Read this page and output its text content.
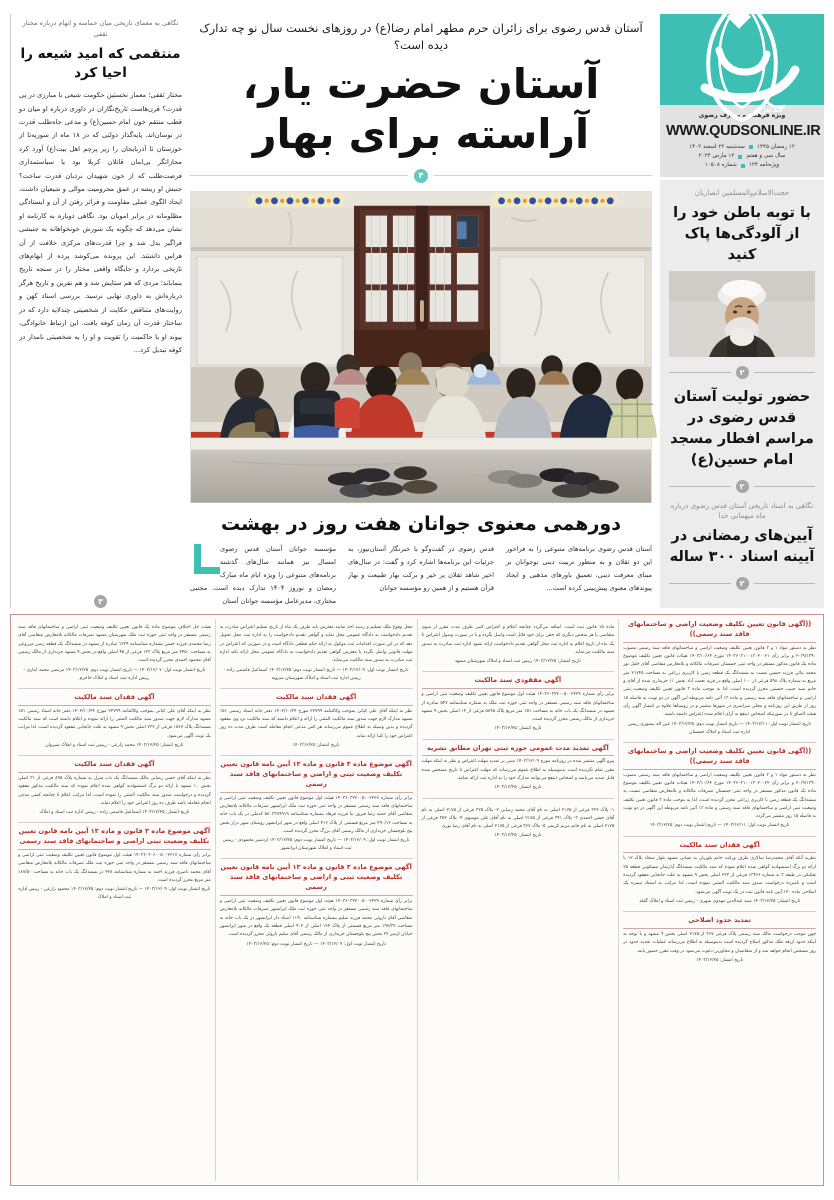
قدس
ویژه فرهنگ و معارف رضوی
WWW.QUDSONLINE.IR
۱۲ رمضان ۱۴۴۵
سه‌شنبه ۲۲ اسفند ۱۴۰۲
سال سی و هفتم
۱۲ مارس ۲۰۲۴
ویژه‌نامه ۱۲۴
شماره ۱۰۵۰۸
حجت‌الاسلام‌والمسلمین انصاریان
با توبه باطن خود را از آلودگی‌ها پاک کنید
۲
حضور تولیت آستان قدس رضوی در مراسم افطار مسجد امام حسین(ع)
۲
نگاهی به اسناد تاریخی آستان قدس رضوی درباره ماه میهمانی خدا
آیین‌های رمضانی در آیینه اسناد ۳۰۰ ساله
۲
آستان قدس رضوی برای زائران حرم مطهر امام رضا(ع) در روزهای نخست سال نو چه تدارک دیده است؟
آستان حضرت یار، آراسته برای بهار
۴
دورهمی معنوی جوانان هفت روز در بهشت
آستان قدس رضوی برنامه‌های متنوعی را به فراخور این دو ثقلان و به منظور تربیت دینی نوجوانان بر مبنای معرفت دینی، تعمیق باورهای مذهبی و ایجاد پیوندهای معنوی پیش‌بینی کرده است...
قدس رضوی در گفت‌وگو با خبرنگار آستان‌نیوز، به جزئیات این برنامه‌ها اشاره کرد و گفت: در سال‌های اخیر شاهد ثقلان پر خیر و برکت بهار طبیعت و بهار قرآن هستیم و از همین رو مؤسسه جوانان
مؤسسه جوانان آستان قدس رضوی امسال نیز همانند سال‌های گذشته برنامه‌های متنوعی را ویژه ایام ماه مبارک رمضان و نوروز ۱۴۰۴ تدارک دیده است. مجتبی مختاری، مدیرعامل مؤسسه جوانان آستان
نگاهی به معمای تاریخی میان حماسه و اتهام درباره مختار ثقفی
منتقمی که امید شیعه را احیا کرد
مختار ثقفی؛ معمار نخستین حکومت شیعی با مبارزی در پی قدرت؟ قرن‌هاست تاریخ‌نگاران در داوری درباره او میان دو قطب منتقم خون امام حسین(ع) و مدعی جاه‌طلب قدرت در نوسان‌اند. پایه‌گذار دولتی که در ۱۸ ماه از سوریه‌تا از خوزستان تا آذربایجان را زیر پرچم اهل بیت(ع) آورد کرد مجازاتگر بی‌امان قاتلان کربلا بود یا سیاستمداری فرصت‌طلب که از خون شهیدان نردبان قدرت ساخت؟ جنبش او ریشه در عمق محرومیت موالی و شیعیان داشت، ایجاد الگوی عملی مقاومت و فراتر رفتن از آن و ایستادگی مظلومانه در برابر امویان بود. نگاهی دوباره به کارنامه او نشان می‌دهد که چگونه یک شورش خونخواهانه به جنبشی فراگیر بدل شد و چرا قدرت‌های مرکزی خلافت از آن هراس داشتند. این پرونده می‌کوشد پرده از ابهام‌های تاریخی بردارد و جایگاه واقعی مختار را در سنجه تاریخ بنمایاند؛ مردی که هم ستایش شد و هم نفرین و تاریخ هرگز درباره‌اش به داوری نهایی نرسید. بررسی اسناد کهن و روایت‌های متناقض حکایت از شخصیتی چندلایه دارد که در ساختار قدرت آن زمان کوفه یافت. این ارتباط خانوادگی، پیوند او با حاکمیت را تقویت و او را به شخصیتی نامدار در کوفه تبدیل کرد...
۳
((آگهی قانون تعیین تکلیف وضعیت اراضی و ساختمانهای فاقد سند رسمی))
نظر به دستور مواد ۱ و ۳ قانون تعیین تکلیف وضعیت اراضی و ساختمانهای فاقد سند رسمی مصوب ۲۰/۹/۱۳۹۰ و برابر رأی ۱۴۰۳۶۰۳۱۰۰۱۳۰۲۰۰۲۱ مورخ ۱۴۰۳/۱۰/۶۴ هیئات قانون تعیین تکلیف موضوع ماده یک قانون مذکور مستقر در واحد ثبتی جمستان تصرفات مالکانه و بلامعارض متقاضی آقای خلیل نور محمد بنائی فرزند حسین نسبت به ششدانگ یک قطعه زمین با کاربری زراعی به مساحت ۲۱۷۴۵ متر مربع به شماره پلاک ۵۹۸ قرعی از ۱۰۰ اصلی واقع در قریه نعمت آباد بخش ۱۱ خریداری شده از آقای و خانم سید حبیب حسینی محرز گردیده است، لذا به موجب ماده ۳ قانون تعیین تکلیف وضعیت ثبتی اراضی و ساختمانهای فاقد سند رسمی و ماده ۱۳ آئین نامه مربوطه این آگهی در دو نوبت به فاصله ۱۵ روز از طریق این روزنامه و محلی سراسری در شهرها منتشر و در روستاها علاوه بر انتشار آگهی رأی هیئت الصاق تا در صورتیکه اشخاص ذینفع به آرای اعلام شده اعتراض داشته باشند.
تاریخ انتشار نوبت اول: ۱۴۰۳/۱۲/۱۱ — تاریخ انتشار نوبت دوم: ۱۴۰۳/۱۲/۲۵ عین اله نیشوری رییس اداره ثبت اسناد و املاک جمستان
((آگهی قانون تعیین تکلیف وضعیت اراضی و ساختمانهای فاقد سند رسمی))
نظر به دستور مواد ۱ و ۳ قانون تعیین تکلیف وضعیت اراضی و ساختمانهای فاقد سند رسمی مصوب ۲۰/۹/۱۳۹۰ و برابر رأی ۱۴۰۳۶۰۳۱۰۰۱۳۰۲۰۰۲۲ مورخ ۱۴۰۳/۱۰/۶۴ هیئات قانون تعیین تکلیف موضوع ماده یک قانون مذکور مستقر در واحد ثبتی جمستان تصرفات مالکانه و بلامعارض متقاضی نسبت به ششدانگ یک قطعه زمین با کاربری زراعی محرز گردیده است، لذا به موجب ماده ۳ قانون تعیین تکلیف وضعیت ثبتی اراضی و ساختمانهای فاقد سند رسمی و ماده ۱۳ آئین نامه مربوطه این آگهی در دو نوبت به فاصله ۱۵ روز منتشر می‌گردد.
تاریخ انتشار نوبت اول: ۱۴۰۳/۱۲/۱۱ — تاریخ انتشار نوبت دوم: ۱۴۰۳/۱۲/۲۵
آگهی فقدان سند مالکیت
نظریه آنکه آقای محمدرضا سالاری طرف وراثت خانم بلوریان به نشانی مشهد بلوار سجاد پلاک ۱۲ با ارائه دو برگ استشهادیه گواهی شده اعلام نموده که سند مالکیت ششدانگ آپارتمان مسکونی قطعه ۲۵ تفکیکی در طبقه ۳ به شماره ۱۳۴۶۶ فرعی از ۲۳۲ اصلی بخش ۹ مشهد به علت جابجایی مفقود گردیده است و نامبرده درخواست صدور سند مالکیت المثنی نموده است، لذا مراتب به استناد تبصره یک اصلاحی ماده ۱۲۰ آیین نامه قانون ثبت در یک نوبت آگهی می‌شود.
تاریخ انتشار: ۱۴۰۳/۱۲/۲۵ سید عبدالدین مهدوی شهری - رییس ثبت اسناد و املاک گلبلد
تمدید حدود اصلاحی
چون موجب درخواست مالک سند رسمی پلاک فرعی ۳۶۷ از ۲۱۷۵ اصلی بخش ۹ مشهد و با توجه به اینکه حدود اربعه ملک مذکور اصلاح گردیده است بدینوسیله به اطلاع می‌رساند عملیات تحدید حدود در روز مشخص انجام خواهد شد و از متقاضیان و مجاورین دعوت می‌شود در وقت مقرر حضور یابند.
تاریخ انتشار: ۱۴۰۳/۱۲/۲۵
ماده ۱۵ قانون ثبت است. اضافه می‌گردد چنانچه اعلام و اعتراض کتبی ظرف مدت مقرر از سوی متقاضی یا هر شخص دیگری که حقی برای خود قائل است واصل نگردد و یا در صورت وصول اعتراض تا یک ماه از تاریخ اعلام به اداره ثبت محل گواهی تقدیم دادخواست ارائه نشود اداره ثبت مبادرت به صدور سند مالکیت می‌نماید.
تاریخ انتشار: ۱۴۰۳/۱۲/۲۵ رییس ثبت اسناد و املاک شهرستان مشهد
آگهی مفقودی سند مالکیت
برابر رأی شماره ۱۴۰۳۶۰۳۲۲۰۰۵۰۰۲۲۲۹ هیئت اول موضوع قانون تعیین تکلیف وضعیت ثبتی اراضی و ساختمانهای فاقد سند رسمی مستقر در واحد ثبتی حوزه ثبت ملک به شماره شناسنامه ۵۴۷ صادره از مشهد در ششدانگ یک باب خانه به مساحت ۱۵۱ متر مربع پلاک ۵۸۹۵ فرعی از ۱۲ اصلی بخش ۹ مشهد خریداری از مالک رسمی محرز گردیده است.
تاریخ انتشار: ۱۴۰۳/۱۲/۲۵
آگهی تمدید مدت عمومی حوزه ثبتی تهران مطابق نشریه
پیرو آگهی منتشر شده در روزنامه مورخ ۱۴۰۳/۱۲/۰۹ مبنی بر تمدید مهلت اعتراض و نظر به اینکه مهلت مقرر تمام نگردیده است بدینوسیله به اطلاع عموم می‌رساند که مهلت اعتراض تا تاریخ مشخص شده قابل تمدید می‌باشد و اشخاص ذینفع می‌توانند مدارک خود را به اداره ثبت ارائه نمایند.
تاریخ انتشار: ۱۴۰۳/۱۲/۲۵
۱- پلاک ۳۲۲ فرعی از ۲۱۷۵ اصلی به نام آقای محمد رضایی ۲- پلاک ۳۲۵ فرعی از ۲۱۷۵ اصلی به نام آقای حسن احمدی ۳- پلاک ۳۴۱ فرعی از ۲۱۷۵ اصلی به نام آقای علی موسوی ۴- پلاک ۳۵۲ فرعی از ۲۱۷۵ اصلی به نام خانم مریم کریمی ۵- پلاک ۳۶۷ فرعی از ۲۱۷۵ اصلی به نام آقای رضا نوری
تاریخ انتشار: ۱۴۰۳/۱۲/۲۵
محل وقوع ملک تسلیم و رسید اخذ نمایند معترض باید ظرف یک ماه از تاریخ تسلیم اعتراض مبادرت به تقدیم دادخواست به دادگاه عمومی محل نماید و گواهی تقدیم دادخواست را به اداره ثبت محل تحویل دهد که در این صورت اقدامات ثبت موکول به ارائه حکم قطعی دادگاه است و در صورتی که اعتراض در مهلت قانونی واصل نگردد یا معترض گواهی تقدیم دادخواست به دادگاه عمومی محل ارائه نکند اداره ثبت مبادرت به صدور سند مالکیت می‌نماید.
تاریخ انتشار نوبت اول: ۱۴۰۳/۱۲/۰۹ — تاریخ انتشار نوبت دوم: ۱۴۰۳/۱۲/۲۵ اسماعیل قاسمی زاده - رییس اداره ثبت اسناد و املاک شهرستان سرویه
آگهی فقدان سند مالکیت
نظر به اینکه آقای علی کیانی بموجب وکالتنامه ۲۲۷۹۹ مورخ ۱۴۰۲/۱۰/۲۴ دفتر خانه اسناد رسمی ۱۵۱ مشهد مدارک لازم جهت صدور سند مالکیت المثنی را ارائه و اعلام داشته که سند مالکیت نزد وی مفقود گردیده و بدین وسیله به اطلاع عموم می‌رساند هر کس مدعی انجام معامله است ظرف مدت ده روز اعتراض خود را کتبا ارائه نماید.
تاریخ انتشار: ۱۴۰۳/۱۲/۲۵
آگهی موضوع ماده ۳ قانون و ماده ۱۳ آیین نامه قانون تعیین تکلیف وضعیت ثبتی و اراضی و ساختمانهای فاقد سند رسمی
برابر رأی شماره ۱۴۰۳۶۰۳۲۲۰۰۵۰۰۲۲۲۷ هیئت اول موضوع قانون تعیین تکلیف وضعیت ثبتی اراضی و ساختمانهای فاقد سند رسمی مستقر در واحد ثبتی حوزه ثبت ملک ایرانشهر تصرفات مالکانه بلامعارض متقاضی آقای حمید رضا فیروز نیا فرزند فرهاد بشماره شناسنامه ۵۸۰۳۳۷۹۹۱۹ کدملی در یک باب خانه به مساحت ۲۹۰/۱۲ متر مربع قسمتی از پلاک ۴۱۶ اصلی واقع در شهر ایرانشهر روستای شهر دراز بخش پنج بلوچستان خریداری از مالک رسمی آقای بزرگ محرز گردیده است.
تاریخ انتشار نوبت اول: ۱۴۰۳/۱۲/۰۹ — تاریخ انتشار نوبت دوم: ۱۴۰۳/۱۲/۲۵ اردشیر محمودی - رییس ثبت اسناد و املاک شهرستان ایرانشهر
آگهی موضوع ماده ۳ قانون و ماده ۱۳ آیین نامه قانون تعیین تکلیف وضعیت ثبتی و اراضی و ساختمانهای فاقد سند رسمی
برابر رأی شماره ۱۴۰۳۶۰۳۲۲۰۰۵۰۰۲۲۲۹ هیئت اول موضوع قانون تعیین تکلیف وضعیت ثبتی اراضی و ساختمانهای فاقد سند رسمی مستقر در واحد ثبتی حوزه ثبت ملک ایرانشهر تصرفات مالکانه بلامعارض متقاضی آقای ناروئی محمد فرزند سلیم بشماره شناسنامه ۱۱۹۰ اصناد دار ایرانشهر در یک باب خانه به مساحت ۱۹۷/۳۲ متر مربع قسمتی از پلاک ۱۲۴ اصلی از ۹۰۲ اصلی قطعه یک واقع در شهر ایرانشهر خیابان ازمیر ۲۲ بخش پنج بلوچستان خریداری از مالک رسمی آقای سلیم ناروئی محرز گردیده است.
تاریخ انتشار نوبت اول: ۱۴۰۳/۱۲/۰۹ — تاریخ انتشار نوبت دوم: ۱۴۰۳/۱۲/۲۵
هیئت حل اختلاف موضوع ماده یک قانون تعیین تکلیف وضعیت ثبتی اراضی و ساختمانهای فاقد سند رسمی مستقر در واحد ثبتی حوزه ثبت ملک شهرستان مشهد تصرفات مالکانه بلامعارض متقاضی آقای رضا محمدی فرزند حسن بشماره شناسنامه ۱۲۳۴ صادره از مشهد در ششدانگ یک قطعه زمین مزروعی به مساحت ۲۴۵۰ متر مربع پلاک ۱۲۳ فرعی از ۴۵ اصلی واقع در بخش ۹ مشهد خریداری از مالک رسمی آقای محمود احمدی محرز گردیده است.
تاریخ انتشار نوبت اول: ۱۴۰۳/۱۲/۰۷ — تاریخ انتشار نوبت دوم: ۱۴۰۳/۱۲/۲۵ مرتضی محمد ایثاری - رییس اداره ثبت اسناد و املاک خاخرم
آگهی فقدان سند مالکیت
نظر به اینکه آقای علی کیانی بموجب وکالتنامه ۲۲۷۹۹ مورخ ۱۴۰۲/۱۰/۲۴ دفتر خانه اسناد رسمی ۱۵۱ مشهد مدارک لازم جهت صدور سند مالکیت المثنی را ارائه نموده و اعلام داشته است که سند مالکیت ششدانگ پلاک ۱۵۶۷ فرعی از ۲۳۲ اصلی بخش ۹ مشهد به علت جابجایی مفقود گردیده است، لذا مراتب یک نوبت آگهی می‌شود.
تاریخ انتشار: ۱۴۰۳/۱۲/۲۵ محمد زارعی - رییس ثبت اسناد و املاک شیروان
آگهی فقدان سند مالکیت
نظر به اینکه آقای حسن رضایی مالک ششدانگ یک باب منزل به شماره پلاک ۸۹۵ فرعی از ۳۱ اصلی بخش ۱۰ مشهد با ارائه دو برگ استشهادیه گواهی شده اعلام نموده که سند مالکیت مذکور مفقود گردیده و درخواست صدور سند مالکیت المثنی را نموده است، لذا مراتب اعلام تا چنانچه کسی مدعی انجام معامله باشد ظرف ده روز اعتراض خود را اعلام نماید.
تاریخ انتشار: ۱۴۰۳/۱۲/۲۵ اسماعیل قاسمی زاده - رییس اداره ثبت اسناد و املاک
آگهی موضوع ماده ۳ قانون و ماده ۱۳ آیین نامه قانون تعیین تکلیف وضعیت ثبتی اراضی و ساختمانهای فاقد سند رسمی
برابر رأی شماره ۱۴۰۳۶۰۳۰۶۰۰۵۰۰۲۲۱۷ هیئت اول موضوع قانون تعیین تکلیف وضعیت ثبتی اراضی و ساختمانهای فاقد سند رسمی مستقر در واحد ثبتی حوزه ثبت ملک تصرفات مالکانه بلامعارض متقاضی آقای محمد ناصری فرزند احمد به شماره شناسنامه ۴۲۸ در ششدانگ یک باب خانه به مساحت ۱۸۷/۵۰ متر مربع محرز گردیده است.
تاریخ انتشار نوبت اول: ۱۴۰۳/۱۲/۰۹ — تاریخ انتشار نوبت دوم: ۱۴۰۳/۱۲/۲۵ محمود زارعی - رییس اداره ثبت اسناد و املاک
